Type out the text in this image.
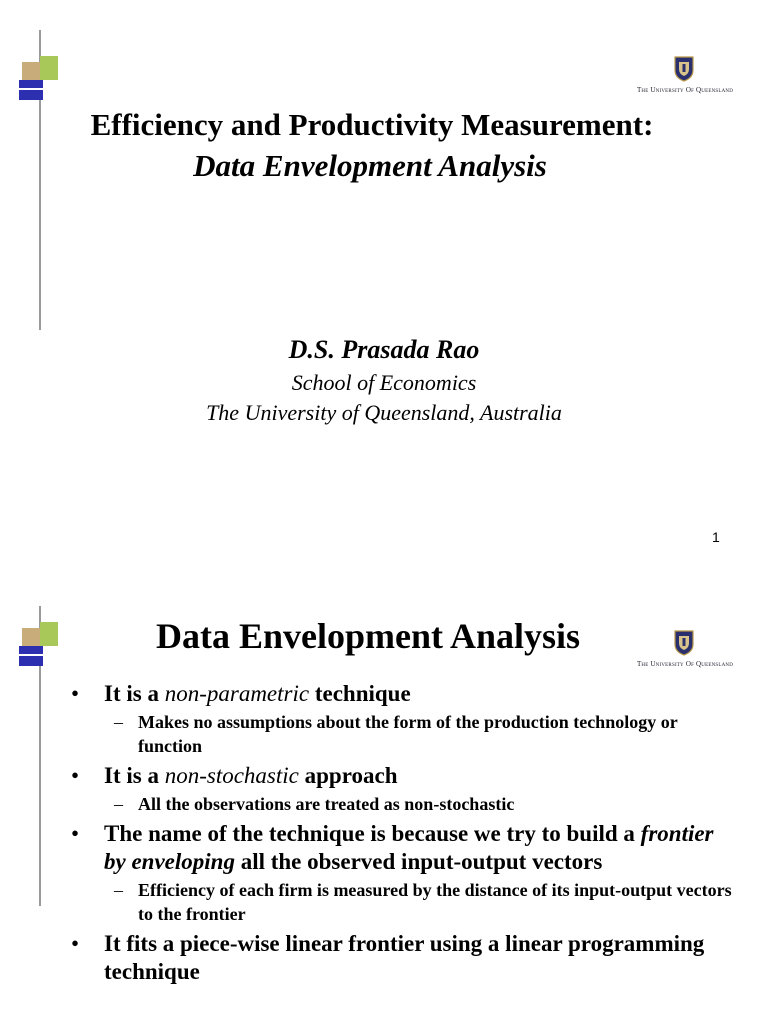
The University Of Queensland
Efficiency and Productivity Measurement:
Data Envelopment Analysis
D.S. Prasada Rao
School of Economics
The University of Queensland, Australia
1
The University Of Queensland
Data Envelopment Analysis
• It is a non-parametric technique
– Makes no assumptions about the form of the production technology or function
• It is a non-stochastic approach
– All the observations are treated as non-stochastic
• The name of the technique is because we try to build a frontier by enveloping all the observed input-output vectors
– Efficiency of each firm is measured by the distance of its input-output vectors to the frontier
• It fits a piece-wise linear frontier using a linear programming technique
